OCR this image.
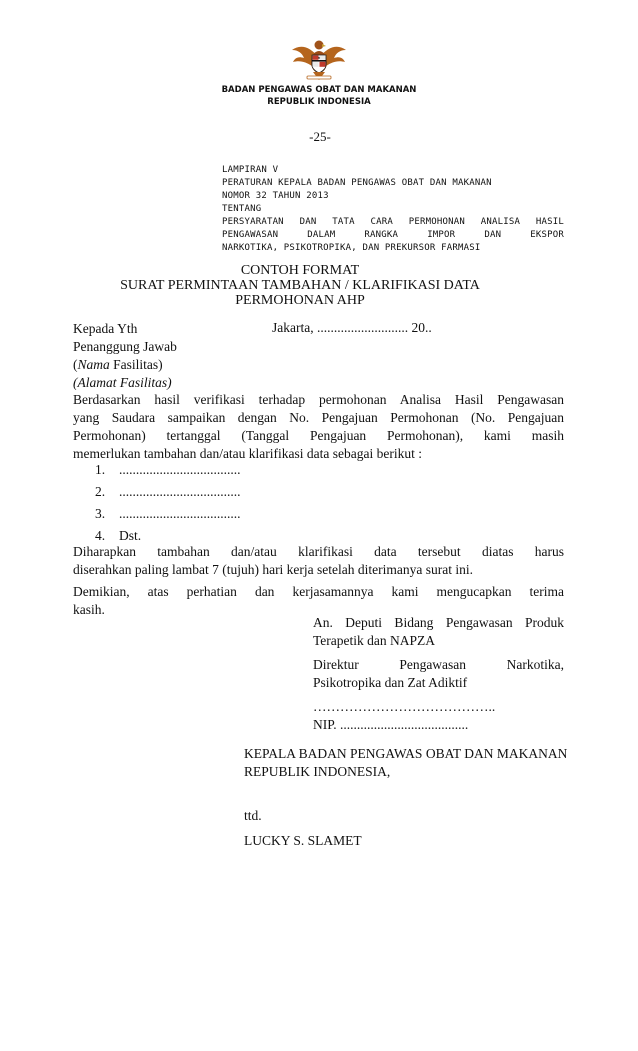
BADAN PENGAWAS OBAT DAN MAKANAN
REPUBLIK INDONESIA
-25-
LAMPIRAN V
PERATURAN KEPALA BADAN PENGAWAS OBAT DAN MAKANAN
NOMOR 32 TAHUN 2013
TENTANG
PERSYARATAN DAN TATA CARA PERMOHONAN ANALISA HASIL
PENGAWASAN DALAM RANGKA IMPOR DAN EKSPOR
NARKOTIKA, PSIKOTROPIKA, DAN PREKURSOR FARMASI
CONTOH FORMAT
SURAT PERMINTAAN TAMBAHAN / KLARIFIKASI DATA
PERMOHONAN AHP
Kepada Yth
Penanggung Jawab
(Nama Fasilitas)
(Alamat Fasilitas)
Jakarta, ........................... 20..
Berdasarkan hasil verifikasi terhadap permohonan Analisa Hasil Pengawasan
yang Saudara sampaikan dengan No. Pengajuan Permohonan (No. Pengajuan
Permohonan) tertanggal (Tanggal Pengajuan Permohonan), kami masih
memerlukan tambahan dan/atau klarifikasi data sebagai berikut :
1. ....................................
2. ....................................
3. ....................................
4. Dst.
Diharapkan tambahan dan/atau klarifikasi data tersebut diatas harus
diserahkan paling lambat 7 (tujuh) hari kerja setelah diterimanya surat ini.
Demikian, atas perhatian dan kerjasamannya kami mengucapkan terima
kasih.
An. Deputi Bidang Pengawasan Produk
Terapetik dan NAPZA
Direktur Pengawasan Narkotika,
Psikotropika dan Zat Adiktif
…………………………………..
NIP. ......................................
KEPALA BADAN PENGAWAS OBAT DAN MAKANAN
REPUBLIK INDONESIA,
ttd.
LUCKY S. SLAMET
